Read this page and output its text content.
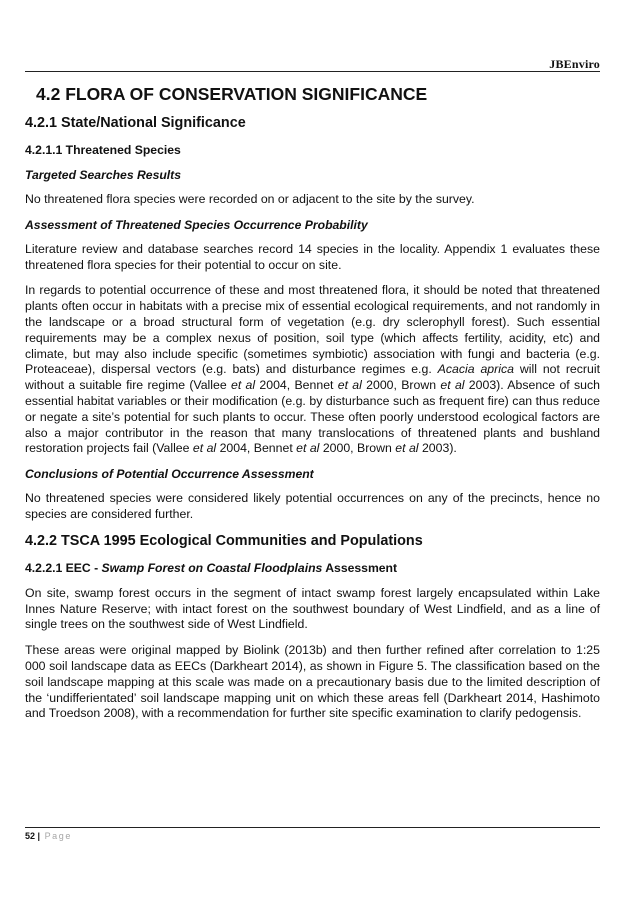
JBEnviro
4.2 FLORA OF CONSERVATION SIGNIFICANCE
4.2.1 State/National Significance
4.2.1.1 Threatened Species
Targeted Searches Results

No threatened flora species were recorded on or adjacent to the site by the survey.

Assessment of Threatened Species Occurrence Probability

Literature review and database searches record 14 species in the locality. Appendix 1 evaluates these threatened flora species for their potential to occur on site.

In regards to potential occurrence of these and most threatened flora, it should be noted that threatened plants often occur in habitats with a precise mix of essential ecological requirements, and not randomly in the landscape or a broad structural form of vegetation (e.g. dry sclerophyll forest). Such essential requirements may be a complex nexus of position, soil type (which affects fertility, acidity, etc) and climate, but may also include specific (sometimes symbiotic) association with fungi and bacteria (e.g. Proteaceae), dispersal vectors (e.g. bats) and disturbance regimes e.g. Acacia aprica will not recruit without a suitable fire regime (Vallee et al 2004, Bennet et al 2000, Brown et al 2003). Absence of such essential habitat variables or their modification (e.g. by disturbance such as frequent fire) can thus reduce or negate a site’s potential for such plants to occur. These often poorly understood ecological factors are also a major contributor in the reason that many translocations of threatened plants and bushland restoration projects fail (Vallee et al 2004, Bennet et al 2000, Brown et al 2003).

Conclusions of Potential Occurrence Assessment

No threatened species were considered likely potential occurrences on any of the precincts, hence no species are considered further.

4.2.2 TSCA 1995 Ecological Communities and Populations
4.2.2.1 EEC - Swamp Forest on Coastal Floodplains Assessment

On site, swamp forest occurs in the segment of intact swamp forest largely encapsulated within Lake Innes Nature Reserve; with intact forest on the southwest boundary of West Lindfield, and as a line of single trees on the southwest side of West Lindfield.

These areas were original mapped by Biolink (2013b) and then further refined after correlation to 1:25 000 soil landscape data as EECs (Darkheart 2014), as shown in Figure 5. The classification based on the soil landscape mapping at this scale was made on a precautionary basis due to the limited description of the ‘undifferientated’ soil landscape mapping unit on which these areas fell (Darkheart 2014, Hashimoto and Troedson 2008), with a recommendation for further site specific examination to clarify pedogensis.

52 | Page
